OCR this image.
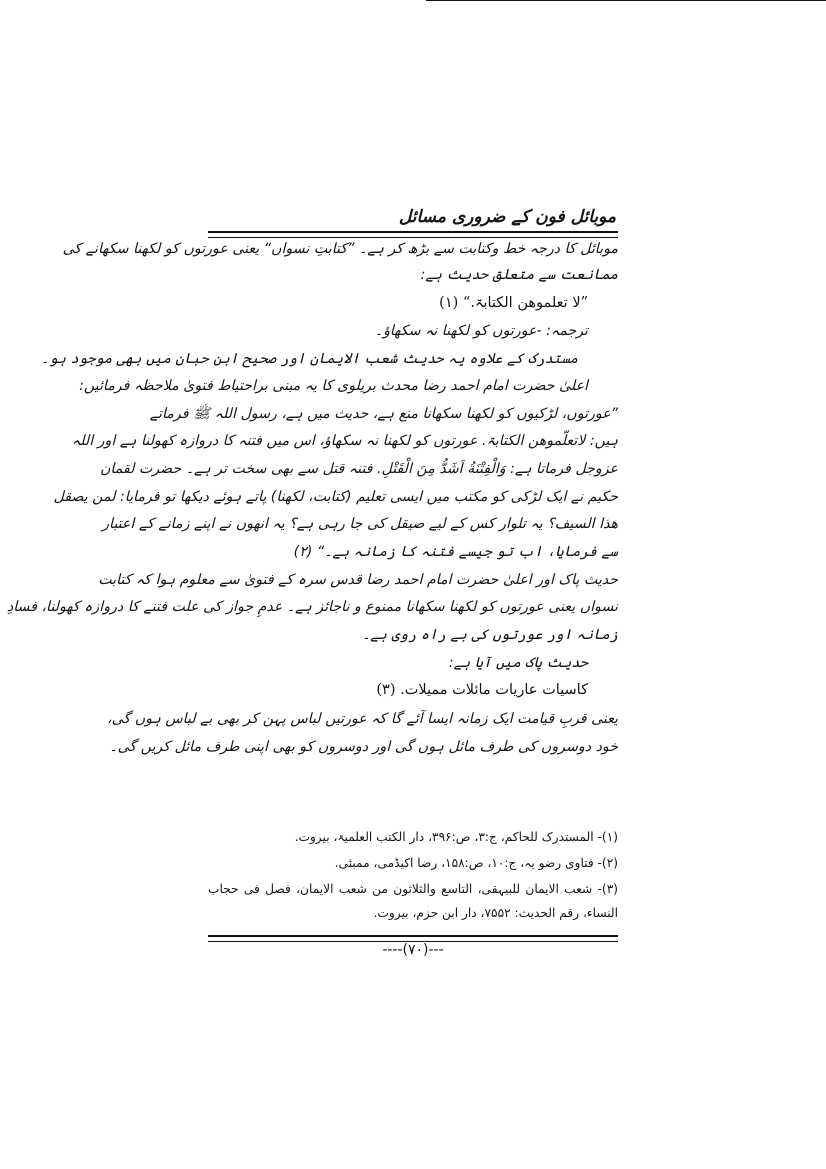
موبائل فون کے ضروری مسائل
موبائل کا درجہ خط وکتابت سے بڑھ کر ہے۔ ”کتابتِ نسواں“ یعنی عورتوں کو لکھنا سکھانے کی
ممانعت سے متعلق حدیث ہے:
”لا تعلموھن الکتابۃ.“ (۱)
ترجمہ: -عورتوں کو لکھنا نہ سکھاؤ۔
مستدرک کے علاوہ یہ حدیث شعب الایمان اور صحیح ابن حبان میں بھی موجود ہو۔
اعلیٰ حضرت امام احمد رضا محدث بریلوی کا یہ مبنی براحتیاط فتویٰ ملاحظہ فرمائیں:
”عورتوں، لڑکیوں کو لکھنا سکھانا منع ہے، حدیث میں ہے، رسول اللہ ﷺ فرماتے
ہیں: لاتعلّموھن الکتابۃ. عورتوں کو لکھنا نہ سکھاؤ، اس میں فتنہ کا دروازہ کھولنا ہے اور اللہ
عزوجل فرماتا ہے: وَالْفِتْنَةُ اَشَدُّ مِنَ الْقَتْلِ. فتنہ قتل سے بھی سخت تر ہے۔ حضرت لقمان
حکیم نے ایک لڑکی کو مکتب میں ایسی تعلیم (کتابت، لکھنا) پاتے ہوئے دیکھا تو فرمایا: لمن یصقل
ھذا السیف؟ یہ تلوار کس کے لیے صیقل کی جا رہی ہے؟ یہ انھوں نے اپنے زمانے کے اعتبار
سے فرمایا، اب تو جیسے فتنہ کا زمانہ ہے۔“ (۲)
حدیث پاک اور اعلیٰ حضرت امام احمد رضا قدس سرہ کے فتویٰ سے معلوم ہوا کہ کتابت
نسواں یعنی عورتوں کو لکھنا سکھانا ممنوع و ناجائز ہے۔ عدمِ جواز کی علت فتنے کا دروازہ کھولنا، فسادِ
زمانہ اور عورتوں کی بے راہ روی ہے۔
حدیث پاک میں آیا ہے:
کاسیات عاریات مائلات ممیلات. (۳)
یعنی قربِ قیامت ایک زمانہ ایسا آئے گا کہ عورتیں لباس پہن کر بھی بے لباس ہوں گی،
خود دوسروں کی طرف مائل ہوں گی اور دوسروں کو بھی اپنی طرف مائل کریں گی۔
(۱)- المستدرک للحاکم، ج:۳، ص:۳۹۶، دار الکتب العلمیۃ، بیروت.
(۲)- فتاوی رضو یہ، ج:۱۰، ص:۱۵۸، رضا اکیڈمی، ممبئی.
(۳)- شعب الایمان للبیہقی، التاسع والثلاثون من شعب الایمان، فصل فی حجاب
النساء، رقم الحدیث: ۷۵۵۲، دار ابن حزم، بیروت.
----(۷۰)---
